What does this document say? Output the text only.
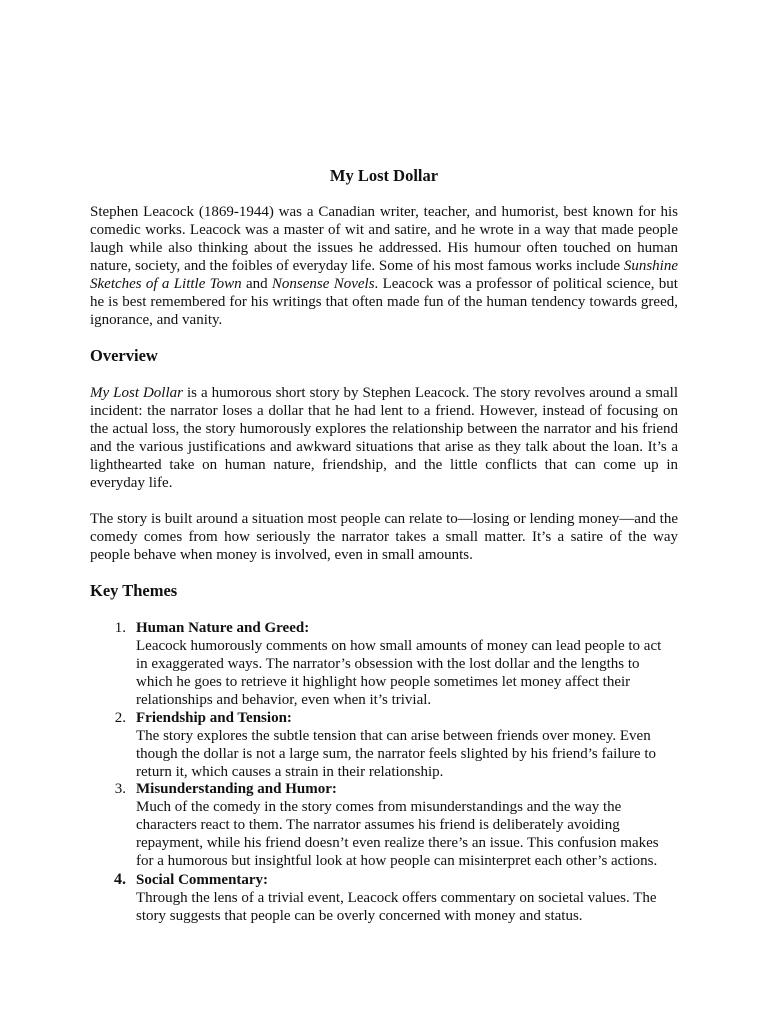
My Lost Dollar

Stephen Leacock (1869-1944) was a Canadian writer, teacher, and humorist, best known for his comedic works. Leacock was a master of wit and satire, and he wrote in a way that made people laugh while also thinking about the issues he addressed. His humour often touched on human nature, society, and the foibles of everyday life. Some of his most famous works include Sunshine Sketches of a Little Town and Nonsense Novels. Leacock was a professor of political science, but he is best remembered for his writings that often made fun of the human tendency towards greed, ignorance, and vanity.

Overview

My Lost Dollar is a humorous short story by Stephen Leacock. The story revolves around a small incident: the narrator loses a dollar that he had lent to a friend. However, instead of focusing on the actual loss, the story humorously explores the relationship between the narrator and his friend and the various justifications and awkward situations that arise as they talk about the loan. It’s a lighthearted take on human nature, friendship, and the little conflicts that can come up in everyday life.

The story is built around a situation most people can relate to—losing or lending money—and the comedy comes from how seriously the narrator takes a small matter. It’s a satire of the way people behave when money is involved, even in small amounts.

Key Themes
1. Human Nature and Greed:
Leacock humorously comments on how small amounts of money can lead people to act in exaggerated ways. The narrator’s obsession with the lost dollar and the lengths to which he goes to retrieve it highlight how people sometimes let money affect their relationships and behavior, even when it’s trivial.
2. Friendship and Tension:
The story explores the subtle tension that can arise between friends over money. Even though the dollar is not a large sum, the narrator feels slighted by his friend’s failure to return it, which causes a strain in their relationship.
3. Misunderstanding and Humor:
Much of the comedy in the story comes from misunderstandings and the way the characters react to them. The narrator assumes his friend is deliberately avoiding repayment, while his friend doesn’t even realize there’s an issue. This confusion makes for a humorous but insightful look at how people can misinterpret each other’s actions.
4. Social Commentary:
Through the lens of a trivial event, Leacock offers commentary on societal values. The story suggests that people can be overly concerned with money and status.
